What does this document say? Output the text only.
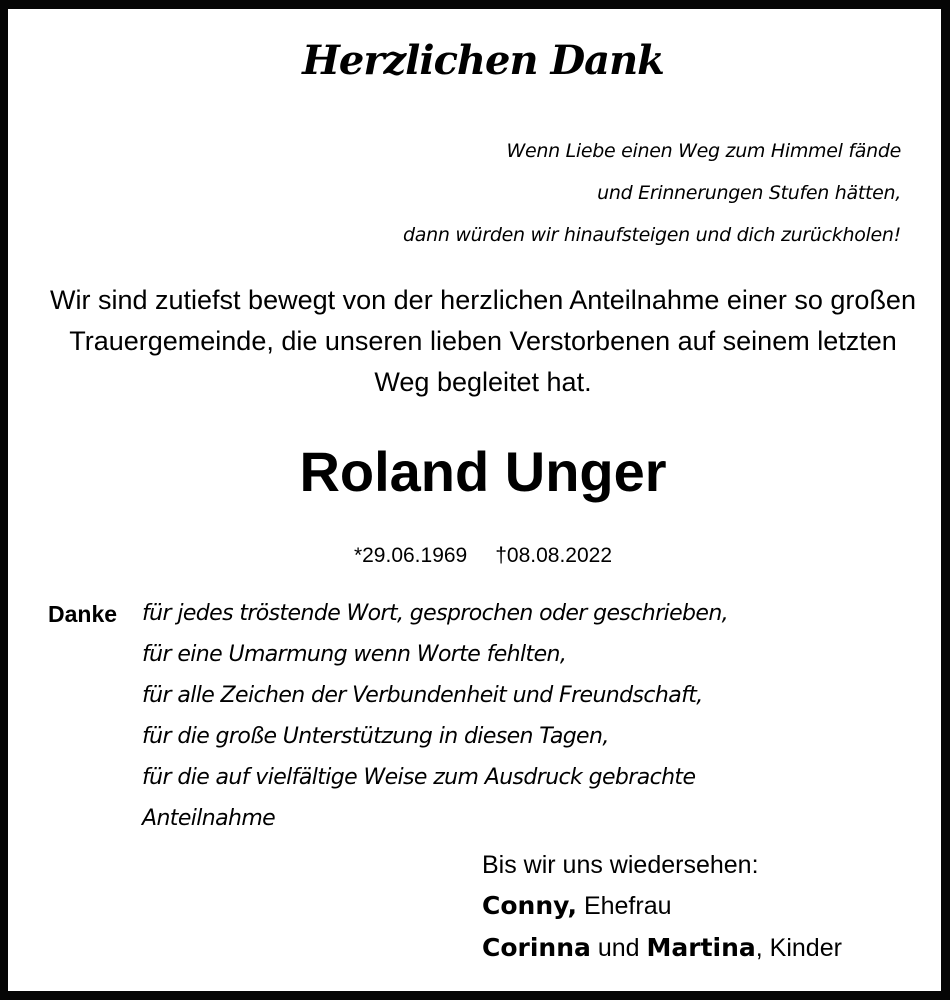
Herzlichen Dank
Wenn Liebe einen Weg zum Himmel fände
und Erinnerungen Stufen hätten,
dann würden wir hinaufsteigen und dich zurückholen!
Wir sind zutiefst bewegt von der herzlichen Anteilnahme einer so großen Trauergemeinde, die unseren lieben Verstorbenen auf seinem letzten Weg begleitet hat.
Roland Unger
*29.06.1969 †08.08.2022
Danke für jedes tröstende Wort, gesprochen oder geschrieben,
für eine Umarmung wenn Worte fehlten,
für alle Zeichen der Verbundenheit und Freundschaft,
für die große Unterstützung in diesen Tagen,
für die auf vielfältige Weise zum Ausdruck gebrachte
Anteilnahme
Bis wir uns wiedersehen:
Conny, Ehefrau
Corinna und Martina, Kinder
